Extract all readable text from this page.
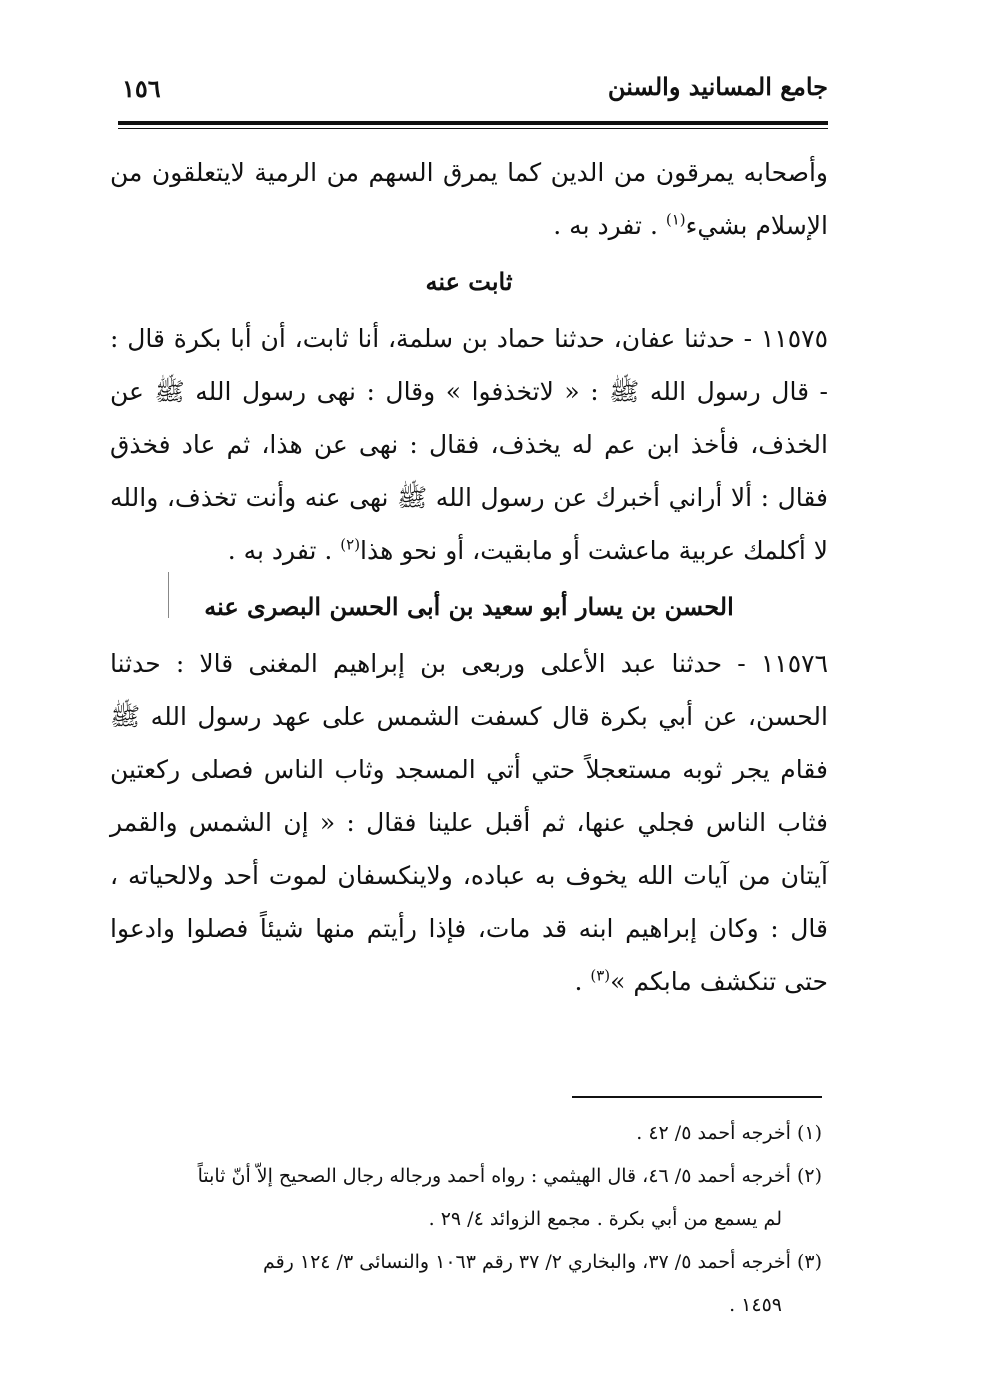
جامع المسانيد والسنن
١٥٦

وأصحابه يمرقون من الدين كما يمرق السهم من الرمية لايتعلقون من الإسلام بشيء$^{(١)}$ . تفرد به .

ثابت عنه

١١٥٧٥ - حدثنا عفان، حدثنا حماد بن سلمة، أنا ثابت، أن أبا بكرة قال : - قال رسول الله ﷺ : « لاتخذفوا » وقال : نهى رسول الله ﷺ عن الخذف، فأخذ ابن عم له يخذف، فقال : نهى عن هذا، ثم عاد فخذق فقال : ألا أراني أخبرك عن رسول الله ﷺ نهى عنه وأنت تخذف، والله لا أكلمك عربية ماعشت أو مابقيت، أو نحو هذا$^{(٢)}$ . تفرد به .

الحسن بن يسار أبو سعيد بن أبى الحسن البصرى عنه

١١٥٧٦ - حدثنا عبد الأعلى وربعى بن إبراهيم المغنى قالا : حدثنا الحسن، عن أبي بكرة قال كسفت الشمس على عهد رسول الله ﷺ فقام يجر ثوبه مستعجلاً حتي أتي المسجد وثاب الناس فصلى ركعتين فثاب الناس فجلي عنها، ثم أقبل علينا فقال : « إن الشمس والقمر آيتان من آيات الله يخوف به عباده، ولاينكسفان لموت أحد ولالحياته ، قال : وكان إبراهيم ابنه قد مات، فإذا رأيتم منها شيئاً فصلوا وادعوا حتى تنكشف مابكم »$^{(٣)}$ .

(١) أخرجه أحمد ٥/ ٤٢ .

(٢) أخرجه أحمد ٥/ ٤٦، قال الهيثمي : رواه أحمد ورجاله رجال الصحيح إلاّ أنّ ثابتاً

لم يسمع من أبي بكرة . مجمع الزوائد ٤/ ٢٩ .

(٣) أخرجه أحمد ٥/ ٣٧، والبخاري ٢/ ٣٧ رقم ١٠٦٣ والنسائى ٣/ ١٢٤ رقم

١٤٥٩ .
